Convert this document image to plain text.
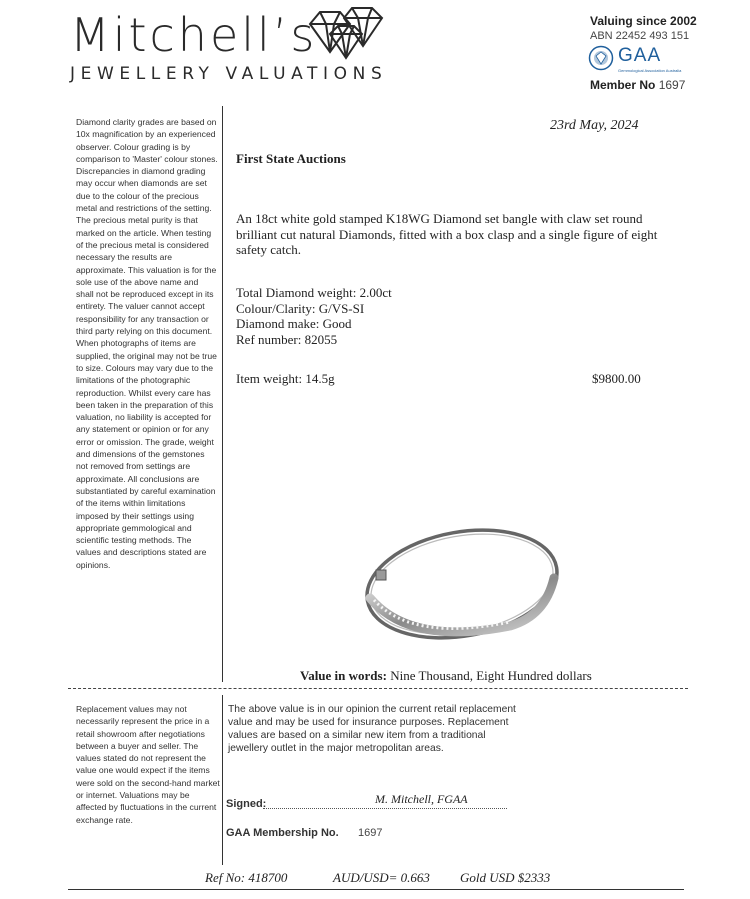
Mitchell’s
JEWELLERY VALUATIONS
Valuing since 2002
ABN 22452 493 151
GAA
Gemmological Association Australia
Member No 1697
Diamond clarity grades are based on 10x magnification by an experienced observer. Colour grading is by comparison to 'Master' colour stones. Discrepancies in diamond grading may occur when diamonds are set due to the colour of the precious metal and restrictions of the setting. The precious metal purity is that marked on the article. When testing of the precious metal is considered necessary the results are approximate. This valuation is for the sole use of the above name and shall not be reproduced except in its entirety. The valuer cannot accept responsibility for any transaction or third party relying on this document. When photographs of items are supplied, the original may not be true to size. Colours may vary due to the limitations of the photographic reproduction. Whilst every care has been taken in the preparation of this valuation, no liability is accepted for any statement or opinion or for any error or omission. The grade, weight and dimensions of the gemstones not removed from settings are approximate. All conclusions are substantiated by careful examination of the items within limitations imposed by their settings using appropriate gemmological and scientific testing methods. The values and descriptions stated are opinions.
Replacement values may not necessarily represent the price in a retail showroom after negotiations between a buyer and seller. The values stated do not represent the value one would expect if the items were sold on the second-hand market or internet. Valuations may be affected by fluctuations in the current exchange rate.
23rd May, 2024
First State Auctions
An 18ct white gold stamped K18WG Diamond set bangle with claw set round brilliant cut natural Diamonds, fitted with a box clasp and a single figure of eight safety catch.
Total Diamond weight: 2.00ct
Colour/Clarity: G/VS-SI
Diamond make: Good
Ref number: 82055
Item weight: 14.5g	$9800.00
Value in words: Nine Thousand, Eight Hundred dollars
The above value is in our opinion the current retail replacement value and may be used for insurance purposes. Replacement values are based on a similar new item from a traditional jewellery outlet in the major metropolitan areas.
Signed:	M. Mitchell, FGAA
GAA Membership No. 1697
Ref No: 418700	AUD/USD= 0.663 Gold USD $2333
